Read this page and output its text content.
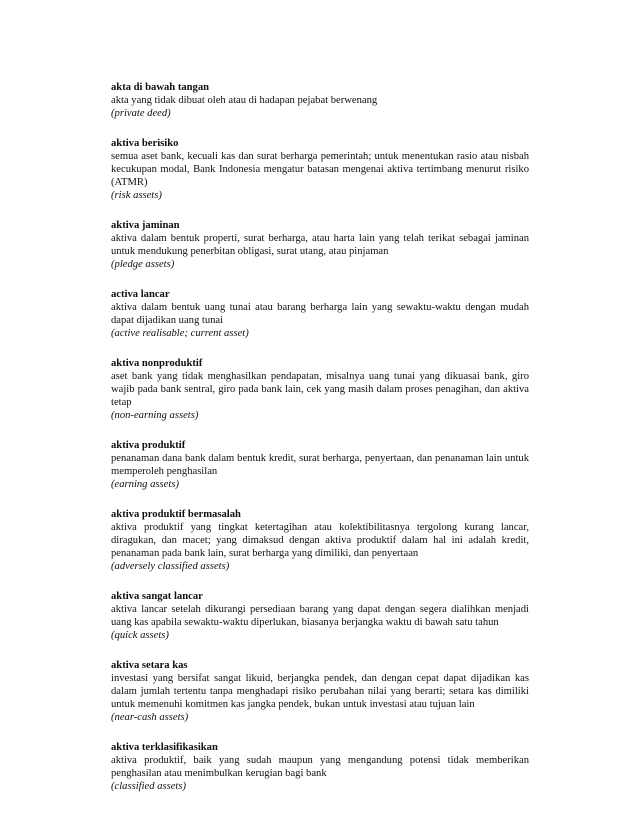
akta di bawah tangan

akta yang tidak dibuat oleh atau di hadapan pejabat berwenang

(private deed)

aktiva berisiko

semua aset bank, kecuali kas dan surat berharga pemerintah; untuk menentukan rasio atau nisbah kecukupan modal, Bank Indonesia mengatur batasan mengenai aktiva tertimbang menurut risiko (ATMR)

(risk assets)

aktiva jaminan

aktiva dalam bentuk properti, surat berharga, atau harta lain yang telah terikat sebagai jaminan untuk mendukung penerbitan obligasi, surat utang, atau pinjaman

(pledge assets)

activa lancar

aktiva dalam bentuk uang tunai atau barang berharga lain yang sewaktu-waktu dengan mudah dapat dijadikan uang tunai

(active realisable; current asset)

aktiva nonproduktif

aset bank yang tidak menghasilkan pendapatan, misalnya uang tunai yang dikuasai bank, giro wajib pada bank sentral, giro pada bank lain, cek yang masih dalam proses penagihan, dan aktiva tetap

(non-earning assets)

aktiva produktif

penanaman dana bank dalam bentuk kredit, surat berharga, penyertaan, dan penanaman lain untuk memperoleh penghasilan

(earning assets)

aktiva produktif bermasalah

aktiva produktif yang tingkat ketertagihan atau kolektibilitasnya tergolong kurang lancar, diragukan, dan macet; yang dimaksud dengan aktiva produktif dalam hal ini adalah kredit, penanaman pada bank lain, surat berharga yang dimiliki, dan penyertaan

(adversely classified assets)

aktiva sangat lancar

aktiva lancar setelah dikurangi persediaan barang yang dapat dengan segera dialihkan menjadi uang kas apabila sewaktu-waktu diperlukan, biasanya berjangka waktu di bawah satu tahun

(quick assets)

aktiva setara kas

investasi yang bersifat sangat likuid, berjangka pendek, dan dengan cepat dapat dijadikan kas dalam jumlah tertentu tanpa menghadapi risiko perubahan nilai yang berarti; setara kas dimiliki untuk memenuhi komitmen kas jangka pendek, bukan untuk investasi atau tujuan lain

(near-cash assets)

aktiva terklasifikasikan

aktiva produktif, baik yang sudah maupun yang mengandung potensi tidak memberikan penghasilan atau menimbulkan kerugian bagi bank

(classified assets)
